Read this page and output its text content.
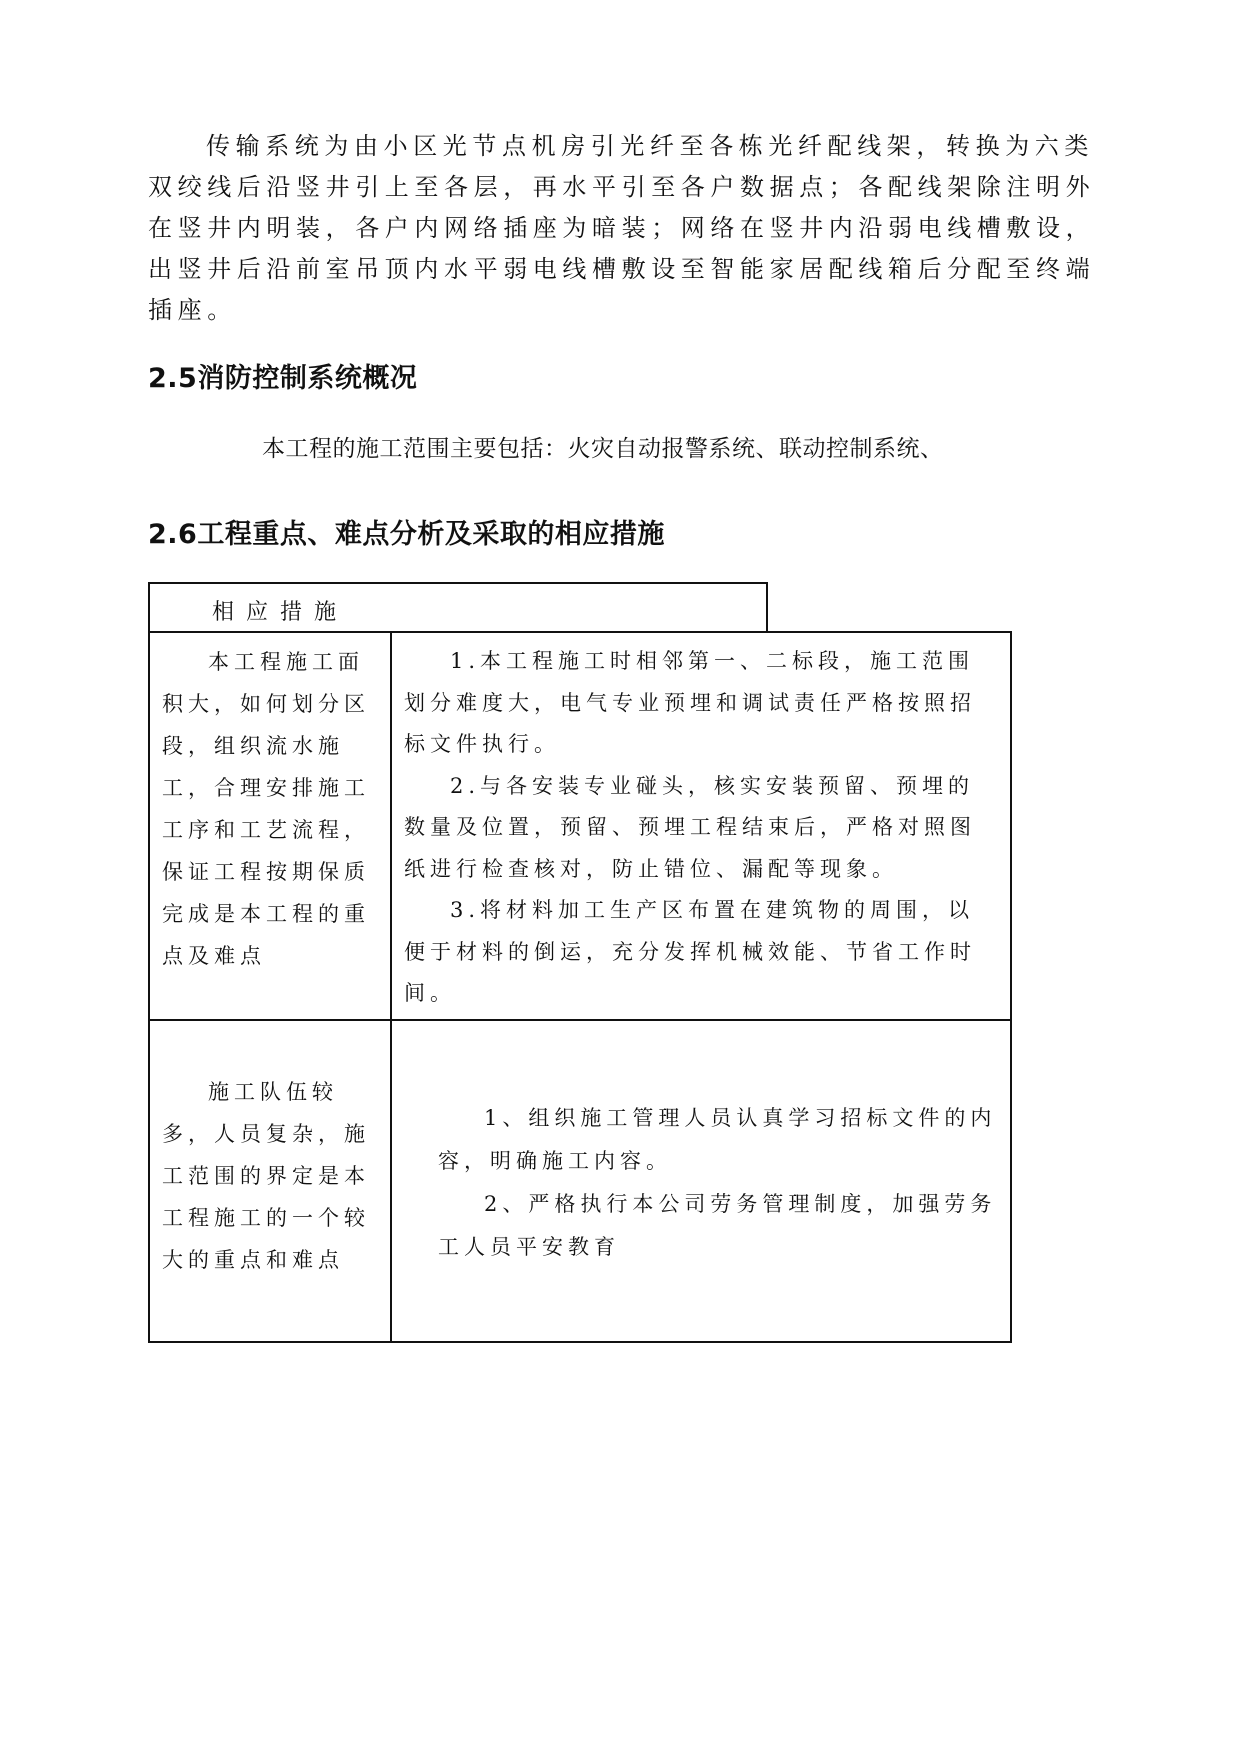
传输系统为由小区光节点机房引光纤至各栋光纤配线架，转换为六类双绞线后沿竖井引上至各层，再水平引至各户数据点；各配线架除注明外在竖井内明装，各户内网络插座为暗装；网络在竖井内沿弱电线槽敷设，出竖井后沿前室吊顶内水平弱电线槽敷设至智能家居配线箱后分配至终端插座。
2.5消防控制系统概况
本工程的施工范围主要包括：火灾自动报警系统、联动控制系统、
2.6工程重点、难点分析及采取的相应措施
相应措施
本工程施工面积大，如何划分区段，组织流水施工，合理安排施工工序和工艺流程，保证工程按期保质完成是本工程的重点及难点	1.本工程施工时相邻第一、二标段，施工范围划分难度大，电气专业预埋和调试责任严格按照招标文件执行。
2.与各安装专业碰头，核实安装预留、预埋的数量及位置，预留、预埋工程结束后，严格对照图纸进行检查核对，防止错位、漏配等现象。
3.将材料加工生产区布置在建筑物的周围，以便于材料的倒运，充分发挥机械效能、节省工作时间。

施工队伍较多，人员复杂，施工范围的界定是本工程施工的一个较大的重点和难点	1、组织施工管理人员认真学习招标文件的内容，明确施工内容。
2、严格执行本公司劳务管理制度，加强劳务工人员平安教育
